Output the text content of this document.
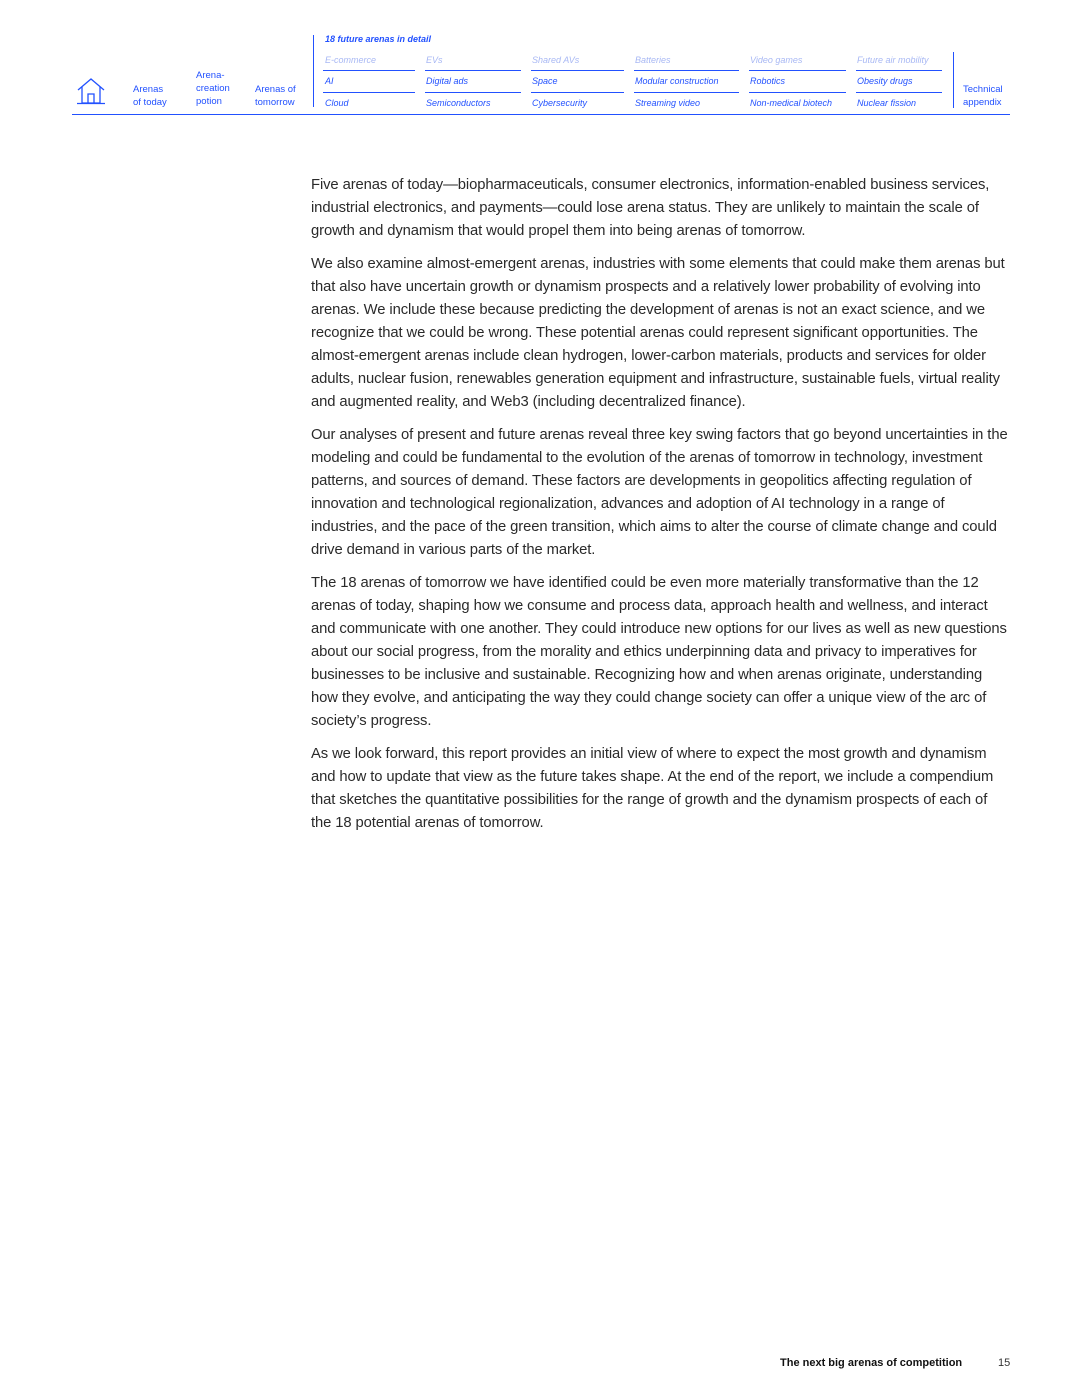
Arenas
of today
Arena-
creation
potion
Arenas of
tomorrow
18 future arenas in detail
E-commerce	EVs	Shared AVs	Batteries	Video games	Future air mobility
AI	Digital ads	Space	Modular construction	Robotics	Obesity drugs
Cloud	Semiconductors	Cybersecurity	Streaming video	Non-medical biotech	Nuclear fission
Technical
appendix

Five arenas of today—biopharmaceuticals, consumer electronics, information-enabled business services, industrial electronics, and payments—could lose arena status. They are unlikely to maintain the scale of growth and dynamism that would propel them into being arenas of tomorrow.

We also examine almost-emergent arenas, industries with some elements that could make them arenas but that also have uncertain growth or dynamism prospects and a relatively lower probability of evolving into arenas. We include these because predicting the development of arenas is not an exact science, and we recognize that we could be wrong. These potential arenas could represent significant opportunities. The almost-emergent arenas include clean hydrogen, lower-carbon materials, products and services for older adults, nuclear fusion, renewables generation equipment and infrastructure, sustainable fuels, virtual reality and augmented reality, and Web3 (including decentralized finance).

Our analyses of present and future arenas reveal three key swing factors that go beyond uncertainties in the modeling and could be fundamental to the evolution of the arenas of tomorrow in technology, investment patterns, and sources of demand. These factors are developments in geopolitics affecting regulation of innovation and technological regionalization, advances and adoption of AI technology in a range of industries, and the pace of the green transition, which aims to alter the course of climate change and could drive demand in various parts of the market.

The 18 arenas of tomorrow we have identified could be even more materially transformative than the 12 arenas of today, shaping how we consume and process data, approach health and wellness, and interact and communicate with one another. They could introduce new options for our lives as well as new questions about our social progress, from the morality and ethics underpinning data and privacy to imperatives for businesses to be inclusive and sustainable. Recognizing how and when arenas originate, understanding how they evolve, and anticipating the way they could change society can offer a unique view of the arc of society’s progress.

As we look forward, this report provides an initial view of where to expect the most growth and dynamism and how to update that view as the future takes shape. At the end of the report, we include a compendium that sketches the quantitative possibilities for the range of growth and the dynamism prospects of each of the 18 potential arenas of tomorrow.

The next big arenas of competition	15
